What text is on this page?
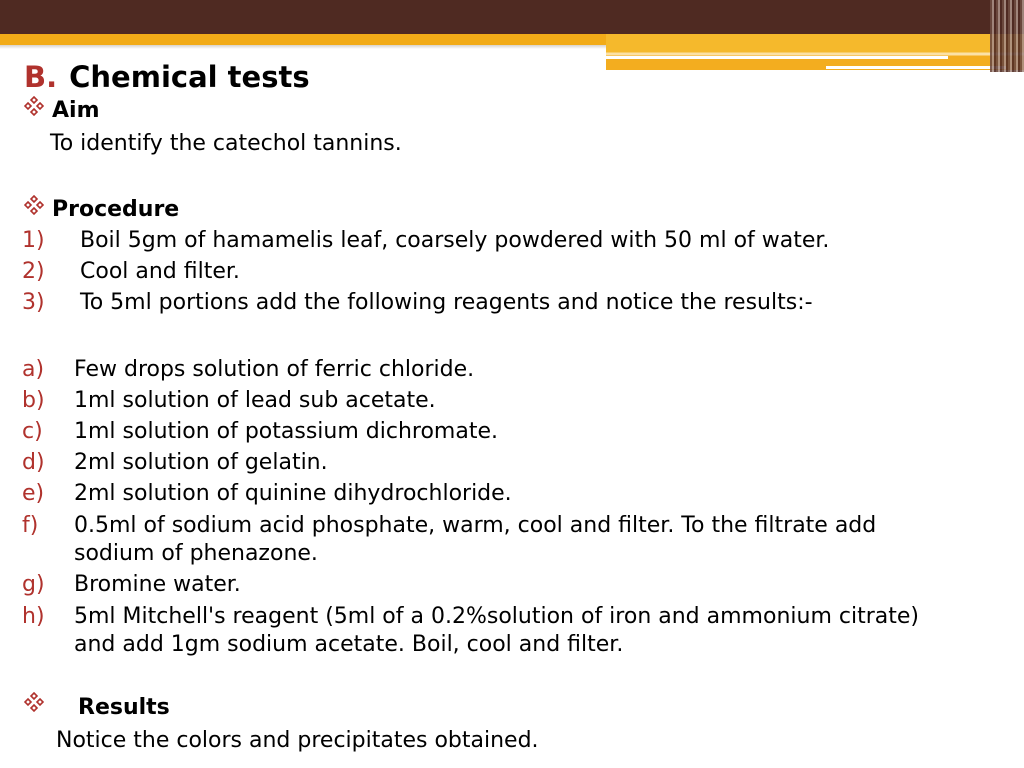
B. Chemical tests
Aim
To identify the catechol tannins.
Procedure
1) Boil 5gm of hamamelis leaf, coarsely powdered with 50 ml of water.
2) Cool and filter.
3) To 5ml portions add the following reagents and notice the results:-
a) Few drops solution of ferric chloride.
b) 1ml solution of lead sub acetate.
c) 1ml solution of potassium dichromate.
d) 2ml solution of gelatin.
e) 2ml solution of quinine dihydrochloride.
f) 0.5ml of sodium acid phosphate, warm, cool and filter. To the filtrate add
sodium of phenazone.
g) Bromine water.
h) 5ml Mitchell's reagent (5ml of a 0.2%solution of iron and ammonium citrate)
and add 1gm sodium acetate. Boil, cool and filter.
Results
Notice the colors and precipitates obtained.
